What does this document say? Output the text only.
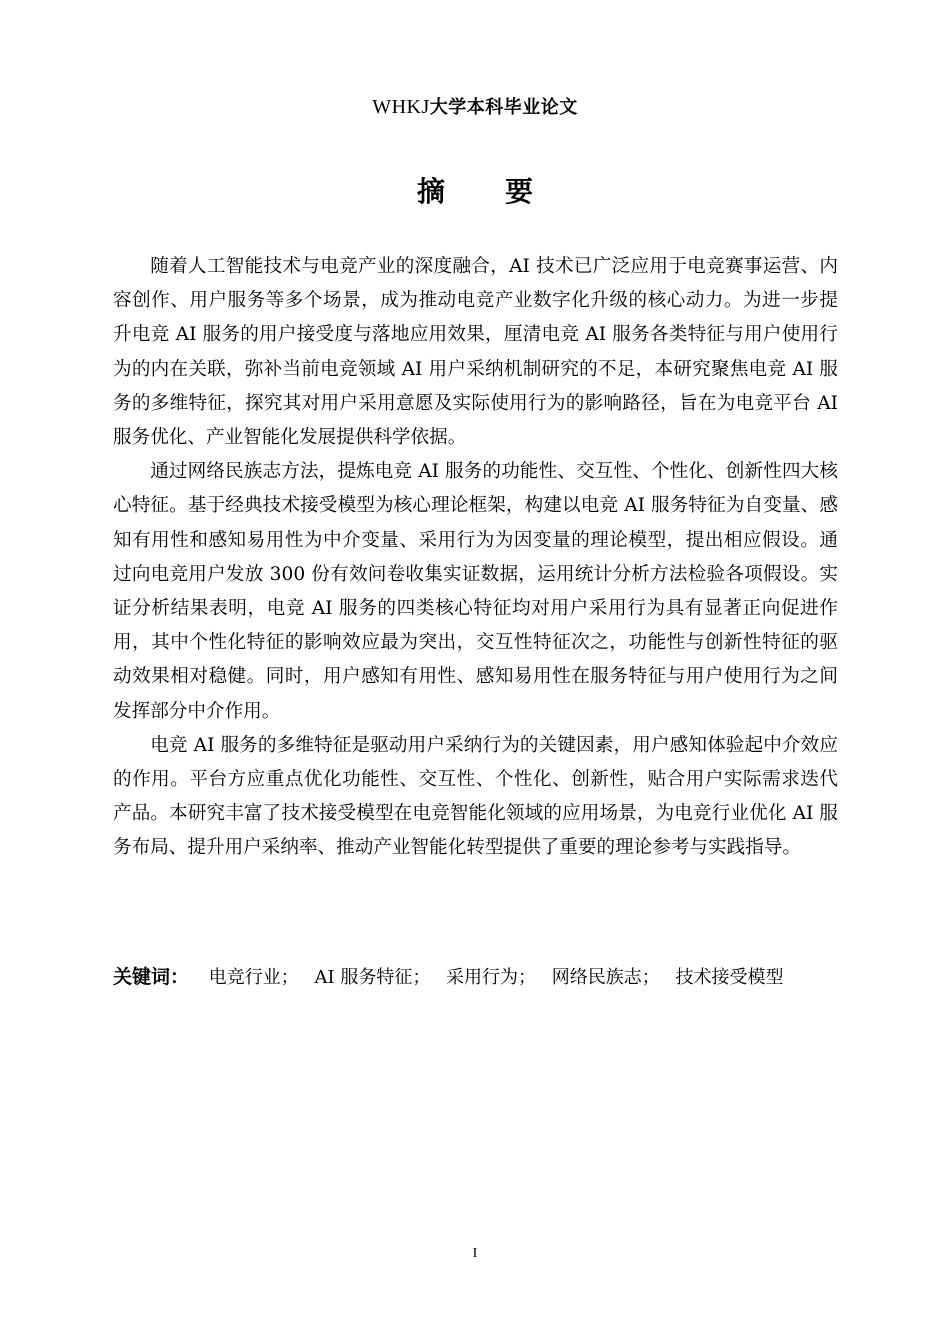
WHKJ大学本科毕业论文
摘 要

随着人工智能技术与电竞产业的深度融合，AI 技术已广泛应用于电竞赛事运营、内容创作、用户服务等多个场景，成为推动电竞产业数字化升级的核心动力。为进一步提升电竞 AI 服务的用户接受度与落地应用效果，厘清电竞 AI 服务各类特征与用户使用行为的内在关联，弥补当前电竞领域 AI 用户采纳机制研究的不足，本研究聚焦电竞 AI 服务的多维特征，探究其对用户采用意愿及实际使用行为的影响路径，旨在为电竞平台 AI 服务优化、产业智能化发展提供科学依据。

通过网络民族志方法，提炼电竞 AI 服务的功能性、交互性、个性化、创新性四大核心特征。基于经典技术接受模型为核心理论框架，构建以电竞 AI 服务特征为自变量、感知有用性和感知易用性为中介变量、采用行为为因变量的理论模型，提出相应假设。通过向电竞用户发放 300 份有效问卷收集实证数据，运用统计分析方法检验各项假设。实证分析结果表明，电竞 AI 服务的四类核心特征均对用户采用行为具有显著正向促进作用，其中个性化特征的影响效应最为突出，交互性特征次之，功能性与创新性特征的驱动效果相对稳健。同时，用户感知有用性、感知易用性在服务特征与用户使用行为之间发挥部分中介作用。

电竞 AI 服务的多维特征是驱动用户采纳行为的关键因素，用户感知体验起中介效应的作用。平台方应重点优化功能性、交互性、个性化、创新性，贴合用户实际需求迭代产品。本研究丰富了技术接受模型在电竞智能化领域的应用场景，为电竞行业优化 AI 服务布局、提升用户采纳率、推动产业智能化转型提供了重要的理论参考与实践指导。

关键词： 电竞行业； AI 服务特征； 采用行为； 网络民族志； 技术接受模型
I
